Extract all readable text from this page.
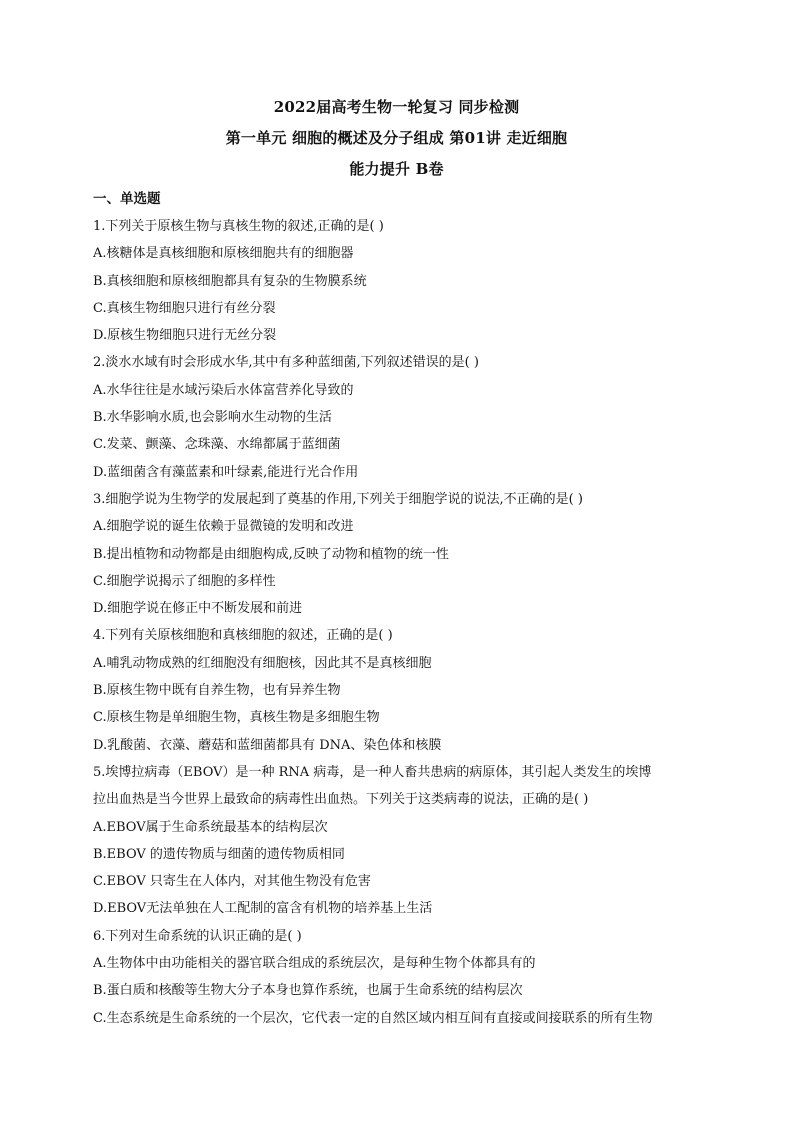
2022届高考生物一轮复习 同步检测
第一单元 细胞的概述及分子组成 第01讲 走近细胞
能力提升 B卷
一、单选题
1.下列关于原核生物与真核生物的叙述,正确的是( )
A.核糖体是真核细胞和原核细胞共有的细胞器
B.真核细胞和原核细胞都具有复杂的生物膜系统
C.真核生物细胞只进行有丝分裂
D.原核生物细胞只进行无丝分裂
2.淡水水域有时会形成水华,其中有多种蓝细菌,下列叙述错误的是( )
A.水华往往是水域污染后水体富营养化导致的
B.水华影响水质,也会影响水生动物的生活
C.发菜、颤藻、念珠藻、水绵都属于蓝细菌
D.蓝细菌含有藻蓝素和叶绿素,能进行光合作用
3.细胞学说为生物学的发展起到了奠基的作用,下列关于细胞学说的说法,不正确的是( )
A.细胞学说的诞生依赖于显微镜的发明和改进
B.提出植物和动物都是由细胞构成,反映了动物和植物的统一性
C.细胞学说揭示了细胞的多样性
D.细胞学说在修正中不断发展和前进
4.下列有关原核细胞和真核细胞的叙述，正确的是( )
A.哺乳动物成熟的红细胞没有细胞核，因此其不是真核细胞
B.原核生物中既有自养生物，也有异养生物
C.原核生物是单细胞生物，真核生物是多细胞生物
D.乳酸菌、衣藻、蘑菇和蓝细菌都具有 DNA、染色体和核膜
5.埃博拉病毒（EBOV）是一种 RNA 病毒，是一种人畜共患病的病原体，其引起人类发生的埃博
拉出血热是当今世界上最致命的病毒性出血热。下列关于这类病毒的说法，正确的是( )
A.EBOV属于生命系统最基本的结构层次
B.EBOV 的遗传物质与细菌的遗传物质相同
C.EBOV 只寄生在人体内，对其他生物没有危害
D.EBOV无法单独在人工配制的富含有机物的培养基上生活
6.下列对生命系统的认识正确的是( )
A.生物体中由功能相关的器官联合组成的系统层次，是每种生物个体都具有的
B.蛋白质和核酸等生物大分子本身也算作系统，也属于生命系统的结构层次
C.生态系统是生命系统的一个层次，它代表一定的自然区域内相互间有直接或间接联系的所有生物
